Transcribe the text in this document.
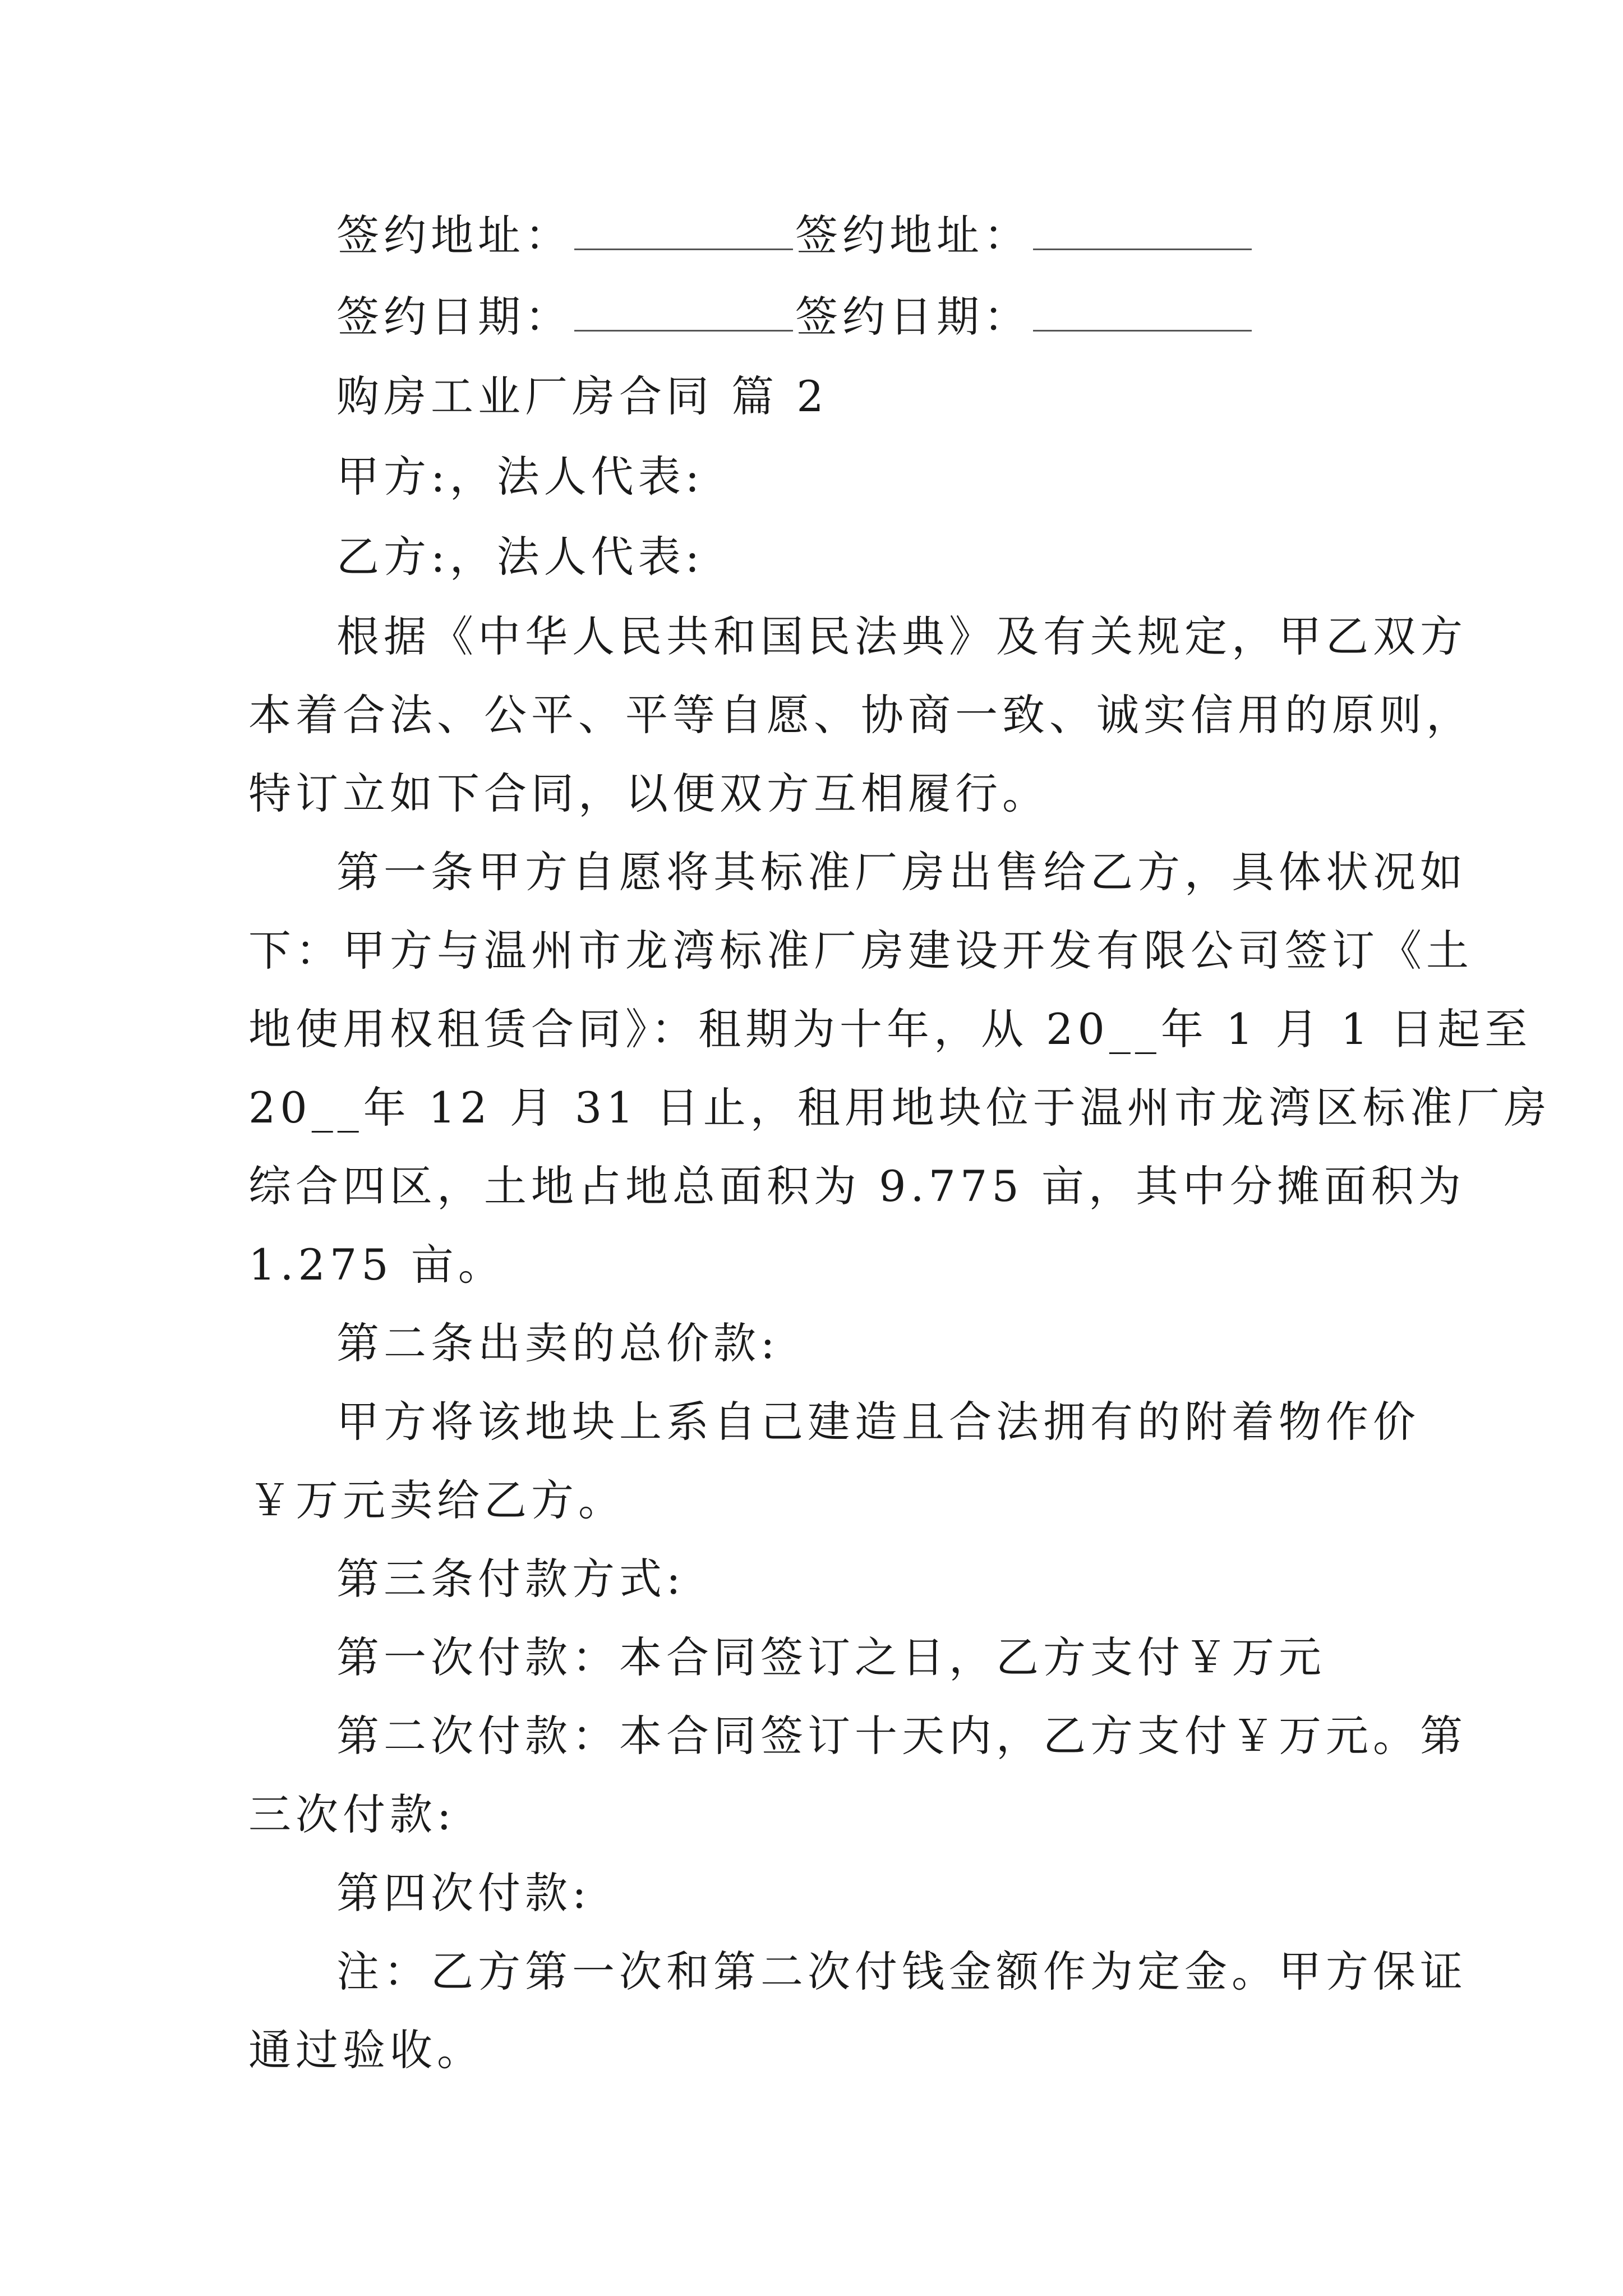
签约地址：	签约地址：
签约日期：	签约日期：
购房工业厂房合同 篇 2
甲方:，法人代表:
乙方:，法人代表:
根据《中华人民共和国民法典》及有关规定，甲乙双方
本着合法、公平、平等自愿、协商一致、诚实信用的原则，
特订立如下合同，以便双方互相履行。
第一条甲方自愿将其标准厂房出售给乙方，具体状况如
下：甲方与温州市龙湾标准厂房建设开发有限公司签订《土
地使用权租赁合同》：租期为十年，从 20__年 1 月 1 日起至
20__年 12 月 31 日止，租用地块位于温州市龙湾区标准厂房
综合四区，土地占地总面积为 9.775 亩，其中分摊面积为
1.275 亩。
第二条出卖的总价款:
甲方将该地块上系自己建造且合法拥有的附着物作价
￥万元卖给乙方。
第三条付款方式:
第一次付款：本合同签订之日，乙方支付￥万元
第二次付款：本合同签订十天内，乙方支付￥万元。第
三次付款:
第四次付款:
注：乙方第一次和第二次付钱金额作为定金。甲方保证
通过验收。
